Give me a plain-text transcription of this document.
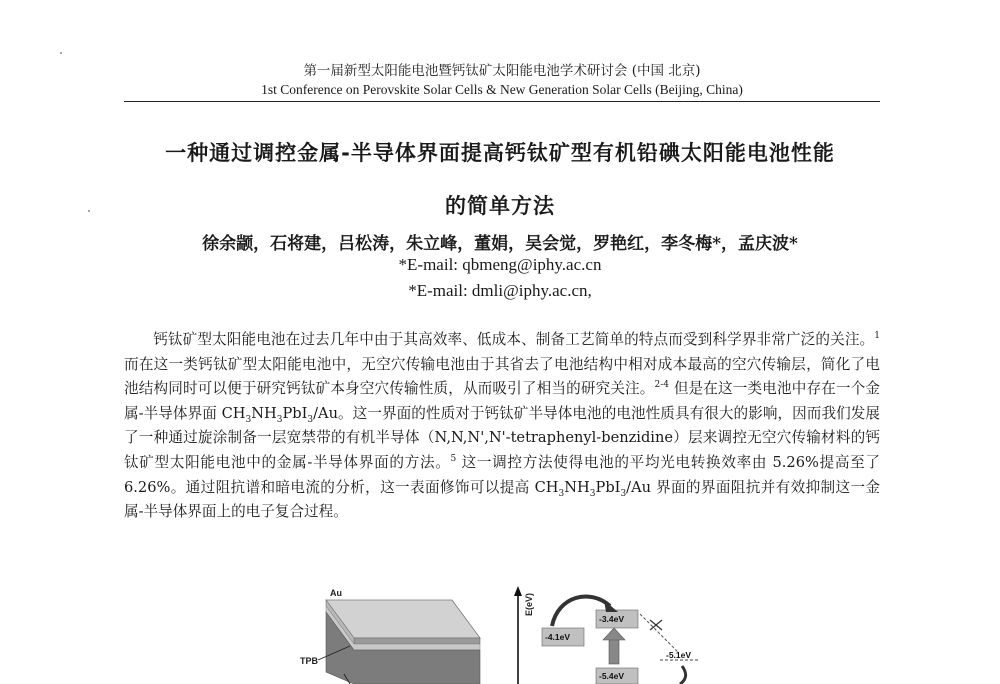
第一届新型太阳能电池暨钙钛矿太阳能电池学术研讨会 (中国 北京)
1st Conference on Perovskite Solar Cells & New Generation Solar Cells (Beijing, China)
一种通过调控金属-半导体界面提高钙钛矿型有机铅碘太阳能电池性能
的简单方法
徐余颛，石将建，吕松涛，朱立峰，董娟，吴会觉，罗艳红，李冬梅*，孟庆波*
*E-mail: qbmeng@iphy.ac.cn
*E-mail: dmli@iphy.ac.cn,

钙钛矿型太阳能电池在过去几年中由于其高效率、低成本、制备工艺简单的特点而受到科学界非常广泛的关注。$^1$ 而在这一类钙钛矿型太阳能电池中，无空穴传输电池由于其省去了电池结构中相对成本最高的空穴传输层，简化了电池结构同时可以便于研究钙钛矿本身空穴传输性质，从而吸引了相当的研究关注。$^{2-4}$ 但是在这一类电池中存在一个金属-半导体界面 $CH_3NH_3PbI_3/Au$。这一界面的性质对于钙钛矿半导体电池的电池性质具有很大的影响，因而我们发展了一种通过旋涂制备一层宽禁带的有机半导体（N,N,N',N'-tetraphenyl-benzidine）层来调控无空穴传输材料的钙钛矿型太阳能电池中的金属-半导体界面的方法。$^5$ 这一调控方法使得电池的平均光电转换效率由 5.26%提高至了 6.26%。通过阻抗谱和暗电流的分析，这一表面修饰可以提高 $CH_3NH_3PbI_3/Au$ 界面的界面阻抗并有效抑制这一金属-半导体界面上的电子复合过程。

Au
TPB
E(eV)
-3.4eV
-4.1eV
-5.4eV
-5.1eV
